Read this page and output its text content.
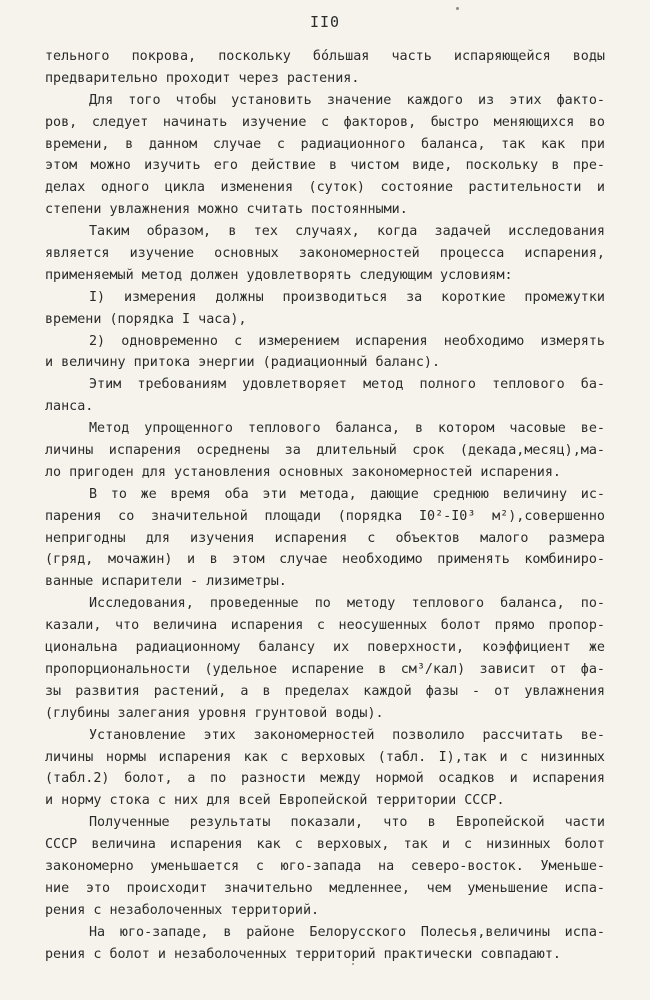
II0
тельного покрова, поскольку бо́льшая часть испаряющейся воды
предварительно проходит через растения.
Для того чтобы установить значение каждого из этих факто-
ров, следует начинать изучение с факторов, быстро меняющихся во
времени, в данном случае с радиационного баланса, так как при
этом можно изучить его действие в чистом виде, поскольку в пре-
делах одного цикла изменения (суток) состояние растительности и
степени увлажнения можно считать постоянными.
Таким образом, в тех случаях, когда задачей исследования
является изучение основных закономерностей процесса испарения,
применяемый метод должен удовлетворять следующим условиям:
I) измерения должны производиться за короткие промежутки
времени (порядка I часа),
2) одновременно с измерением испарения необходимо измерять
и величину притока энергии (радиационный баланс).
Этим требованиям удовлетворяет метод полного теплового ба-
ланса.
Метод упрощенного теплового баланса, в котором часовые ве-
личины испарения осреднены за длительный срок (декада,месяц),ма-
ло пригоден для установления основных закономерностей испарения.
В то же время оба эти метода, дающие среднюю величину ис-
парения со значительной площади (порядка I0²-I0³ м²),совершенно
непригодны для изучения испарения с объектов малого размера
(гряд, мочажин) и в этом случае необходимо применять комбиниро-
ванные испарители - лизиметры.
Исследования, проведенные по методу теплового баланса, по-
казали, что величина испарения с неосушенных болот прямо пропор-
циональна радиационному балансу их поверхности, коэффициент же
пропорциональности (удельное испарение в см³/кал) зависит от фа-
зы развития растений, а в пределах каждой фазы - от увлажнения
(глубины залегания уровня грунтовой воды).
Установление этих закономерностей позволило рассчитать ве-
личины нормы испарения как с верховых (табл. I),так и с низинных
(табл.2) болот, а по разности между нормой осадков и испарения
и норму стока с них для всей Европейской территории СССР.
Полученные результаты показали, что в Европейской части
СССР величина испарения как с верховых, так и с низинных болот
закономерно уменьшается с юго-запада на северо-восток. Уменьше-
ние это происходит значительно медленнее, чем уменьшение испа-
рения с незаболоченных территорий.
На юго-западе, в районе Белорусского Полесья,величины испа-
рения с болот и незаболоченных территорий практически совпадают.
